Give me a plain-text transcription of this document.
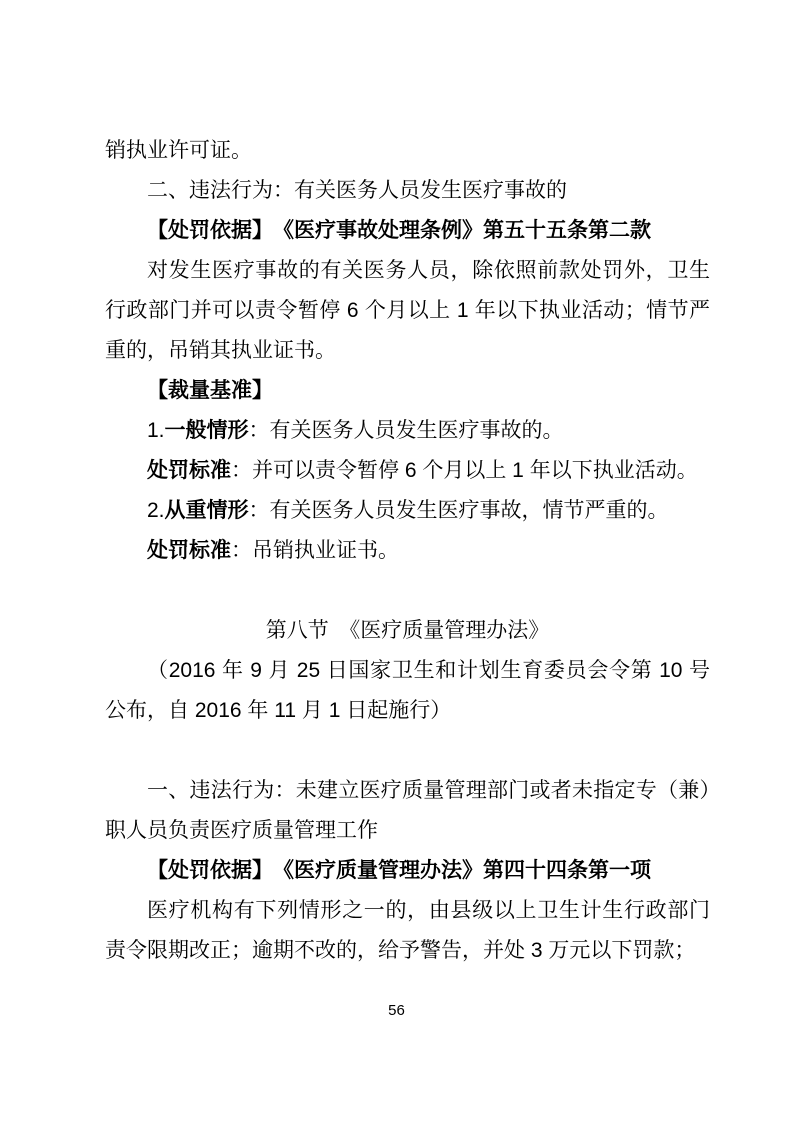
销执业许可证。

二、违法行为：有关医务人员发生医疗事故的

【处罚依据】　《医疗事故处理条例》第五十五条第二款

对发生医疗事故的有关医务人员，除依照前款处罚外，卫生行政部门并可以责令暂停 6 个月以上 1 年以下执业活动；情节严重的，吊销其执业证书。

【裁量基准】

1.一般情形：有关医务人员发生医疗事故的。

处罚标准：并可以责令暂停 6 个月以上 1 年以下执业活动。

2.从重情形：有关医务人员发生医疗事故，情节严重的。

处罚标准：吊销执业证书。

第八节　《医疗质量管理办法》

（2016 年 9 月 25 日国家卫生和计划生育委员会令第 10 号公布，自 2016 年 11 月 1 日起施行）

一、违法行为：未建立医疗质量管理部门或者未指定专（兼）职人员负责医疗质量管理工作

【处罚依据】　《医疗质量管理办法》第四十四条第一项

医疗机构有下列情形之一的，由县级以上卫生计生行政部门责令限期改正；逾期不改的，给予警告，并处 3 万元以下罚款；

56
